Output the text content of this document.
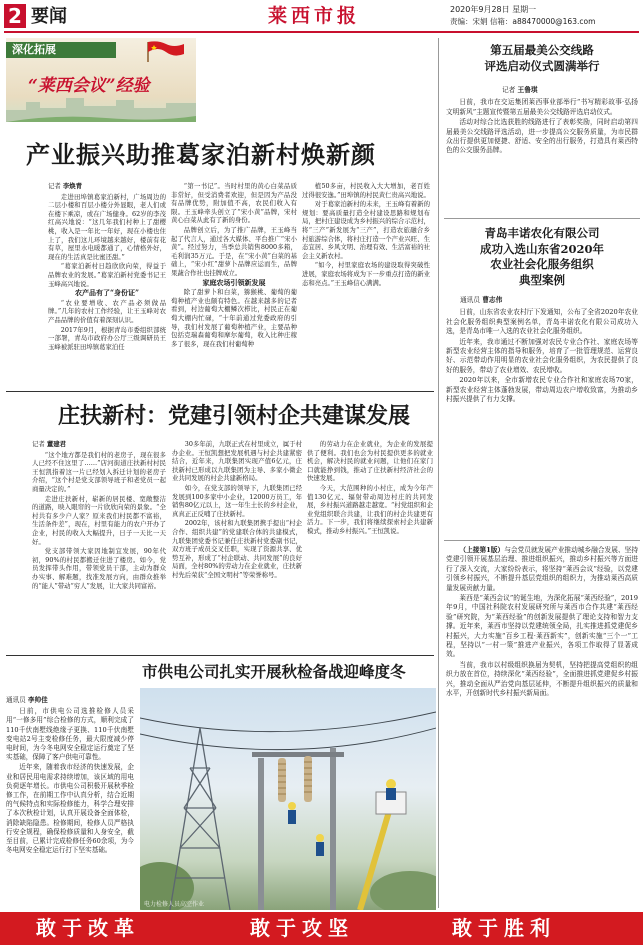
2 要闻	莱西市报	2020年9月28日 星期一
责编：宋娟 信箱：a88470000@163.com
深化拓展
“莱西会议”经验
产业振兴助推葛家泊新村焕新颜

记者 李焕青

走进田埠镇葛家泊新村，广场周边的二层小楼和百层小楼分外显眼，老人们或在楼下乘凉，或在广场健身。62岁的李茂红高兴地说：“这几年我们村种上了甜樱桃，收入是一年比一年好，现在小楼也住上了，我们这儿环境越来越好，楼前有花有草，屋里水电暖都通了，心情格外好，现在的生活真是比蜜还甜。”

“葛家泊新村日趋欣欣向荣，得益于品牌农业的发展。”葛家泊新村党委书记王玉峰高兴地说。

农产品有了“身份证”

“农业要增收、农产品必须做品牌。”几年的农村工作经验，让王玉峰对农产品品牌的价值有着深刻认识。

2017年9月，根据青岛市委组织部统一部署，青岛市政府办公厅三级调研员王玉峰被派驻田埠镇葛家泊任

“第一书记”。当时村里的黄心白菜品质非常好，但受消费者欢迎，但是因为产品没有品牌优势，附加值不高，农民们收入有限。王玉峰牵头创立了“宋小黄”品牌，宋村黄心白菜从此有了新的身份。

品牌创立后，为了推广品牌，王玉峰当起了代言人，通过各大媒体、平台推广“宋小黄”。经过努力，当季总共销售8000多箱，毛利润35万元。于是，在“宋小黄”白菜的基础上，“宋小红”甜萝卜品牌应运而生，品牌果蔬合作社也挂牌成立。

家庭农场引领新发展

除了甜萝卜和白菜，猕猴桃、葡萄的葡萄种植产业也颇有特色。在越来越多的记者看到，村边葡萄大棚鳞次栉比，村民正在葡萄大棚内忙碌，“十年前通过党委政府的引导，我们村发展了葡萄种植产业，主要品种包括克瑞森葡萄和摩尔葡萄，收入比种庄稼多了很多，现在我们村葡萄种

植50多亩，村民收入大大增加，老百姓过得很安逸。”田埠镇的村民黄仁贵高兴地说。

对于葛家泊新村的未来，王玉峰有着新的规划：要高质量打造全村建设思路和规划布局，把村庄建设成为乡村振兴的综合示范村，将“三产”新发展为“三产”，打造农旅融合乡村旅游综合体，将村庄打造一个产业兴旺、生态宜居、乡风文明、治理有效、生活富裕的社会主义新农村。

“如今，村里家庭农场的建设取得突破性进展，家庭农场将成为下一步重点打造的新业态和亮点。”王玉峰信心满满。

庄扶新村：党建引领村企共建谋发展

记者 董建君

“这个地方都是我们村的老房子，现在很多人已经不住这里了……”店河街道庄扶新村村民王恒凯指着这一片已经划入拆迁计划的老房子介绍，“这个村是党支部领导班子和老党员一起商量决定的。”

走进庄扶新村，崭新的居民楼、宽敞整洁的道路，映入眼帘的一片欣欣向荣的景象。“全村共有多少户人家？原来我们村民都不富裕，生活条件差”，现在，村里有能力的农户开办了企业，村民的收入大幅提升，日子一天比一天好。

党支部带领大家因地制宜发展，90年代初，90%的村民都搬迁住进了楼房。如今，党员发挥带头作用，带领党员干部，主动为群众办实事、解难题，找准发展方向，由群众推举的“能人”带动“穷人”发展，让大家共同富裕。

30多年前，九联正式在村里成立，属于村办企业。王恒凯想把发展机遇与村企共建紧密结合，近年来，九联集团实现产值6亿元，庄扶新村已形成以九联集团为主导、多家小微企业共同发展的村企共建新格局。

如今，在党支部的领导下，九联集团已经发展到100多家中小企业，12000万员工，年销售80亿元以上，这一年生土长的乡村企业，真真正正反哺了庄扶新村。

2002年，该村和九联集团携手提出“村企合作、组织共建”的党建联合体的共建模式，九联集团党委书记兼任庄扶新村党委副书记，双方班子成员交叉任职，实现了资源共享、优势互补，形成了“村企联动、共同发展”的良好局面，全村80%的劳动力在企业就业，庄扶新村先后荣获“全国文明村”等荣誉称号。

的劳动力在企业就业，为企业的发展提供了便利。我们也会为村民提供更多的就业机会，解决村民的就业问题，让他们在家门口就能挣到钱，推动了庄扶新村经济社会的快速发展。

今天，大范围种的小村庄，成为今年产值130亿元、辐射带动周边村庄的共同发展，乡村振兴道路越走越宽。“村党组织和企业党组织联合共建，让我们的村企共建更有活力。下一步，我们将继续探索村企共建新模式，推动乡村振兴。”王恒凯说。

市供电公司扎实开展秋检备战迎峰度冬

通讯员 李帅佳

日前，市供电公司选推检修人员采用“一修多用”综合检修的方式，顺利完成了110千伏南墅线绝缘子更换、110千伏南墅变电站2号主变检修任务，最大限度减少停电时间，为今冬电网安全稳定运行奠定了坚实基础，保障了客户供电可靠性。

近年来，随着我市经济的快速发展，企业和居民用电需求持续增加，该区域的用电负荷逐年增长。市供电公司积极开展秋季检修工作，在前期工作中认真分析，结合近期的气候特点和实际检修能力，科学合理安排了本次秋检计划，认真开展设备全面体检，消除缺陷隐患。检修期间，检修人员严格执行安全规程，确保检修质量和人身安全，截至目前，已累计完成检修任务60余项，为今冬电网安全稳定运行打下坚实基础。

电力检修人员高空作业
第五届最美公交线路
评选启动仪式圆满举行

记者 王鲁琪

日前，我市在交运集团莱西事业部举行“书写精彩故事·弘扬文明新风”主题宣传暨第五届最美公交线路评选启动仪式。

活动对综合比选获胜的线路进行了表彰奖励，同时启动第四届最美公交线路评选活动，进一步提高公交服务质量，为市民群众出行提供更加便捷、舒适、安全的出行服务，打造具有莱西特色的公交服务品牌。

青岛丰诺农化有限公司
成功入选山东省2020年
农业社会化服务组织
典型案例

通讯员 曹志伟

日前，山东省农业农村厅下发通知，公布了全省2020年农业社会化服务组织典型案例名单，青岛丰诺农化有限公司成功入选，是青岛市唯一入选的农业社会化服务组织。

近年来，我市通过不断加强对农民专业合作社、家庭农场等新型农业经营主体的指导和服务，培育了一批管理规范、运营良好、示范带动作用明显的农业社会化服务组织，为农民提供了良好的服务，带动了农业增效、农民增收。

2020年以来，全市新增农民专业合作社和家庭农场70家，新型农业经营主体蓬勃发展，带动周边农户增收致富，为推动乡村振兴提供了有力支撑。

（上接第1版）与会党员就发展产业推动城乡融合发展、坚持党建引领开展基层治理、推进组织振兴，推动乡村振兴等方面进行了深入交流，大家纷纷表示，将坚持“莱西会议”经验，以党建引领乡村振兴，不断提升基层党组织的组织力，为推动莱西高质量发展贡献力量。

莱西是“莱西会议”的诞生地，为深化拓展“莱西经验”，2019年9月，中国社科院农村发展研究所与莱西市合作共建“莱西经验”研究院，为“莱西经验”的创新发展提供了理论支持和智力支撑。近年来，莱西市坚持以党建统领全局，扎实推进抓党建促乡村振兴，大力实施“百乡工程·莱西新实”，创新实施“三个一”工程，坚持以“一村一策”推进产业振兴，各项工作取得了显著成效。

当前，我市以村级组织换届为契机，坚持把提高党组织的组织力放在首位，持续深化“莱西经验”，全面推进抓党建促乡村振兴，推动全面从严治党向基层延伸，不断提升组织振兴的质量和水平，开创新时代乡村振兴新局面。

敢于改革	敢于攻坚	敢于胜利
